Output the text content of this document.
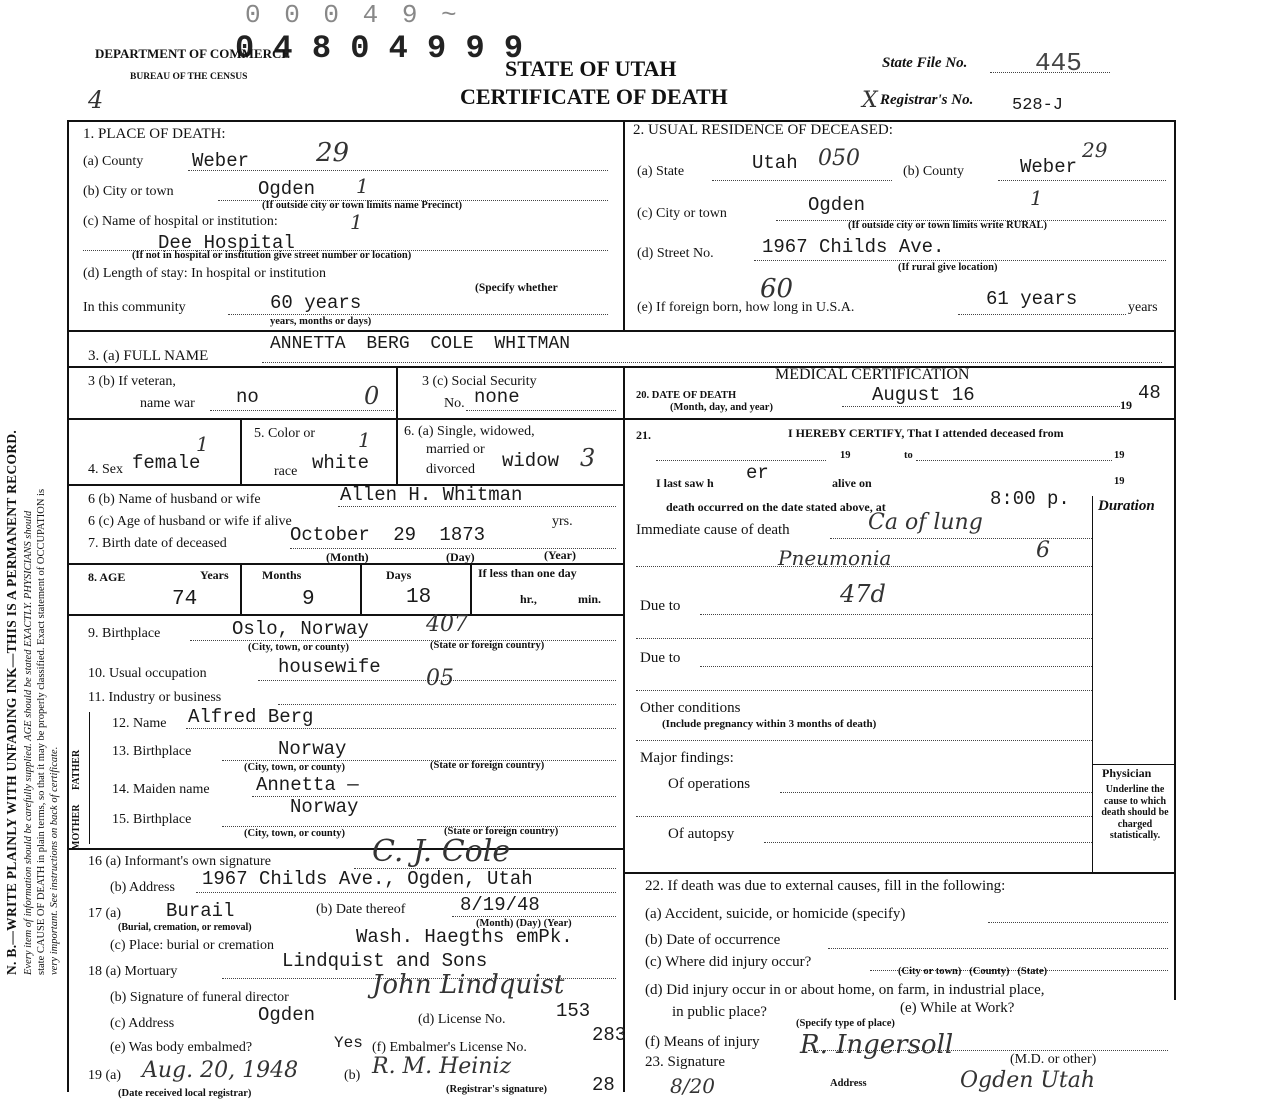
0 0 0 4 9 ~
0 4 8 0 4 9 9 9
DEPARTMENT OF COMMERCE
BUREAU OF THE CENSUS	STATE OF UTAH
CERTIFICATE OF DEATH
State File No.	445
X Registrar's No. 528-J
4
N. B.—WRITE PLAINLY WITH UNFADING INK—THIS IS A PERMANENT RECORD. Every item of information should be carefully supplied. AGE should be stated EXACTLY. PHYSICIANS should state CAUSE OF DEATH in plain terms, so that it may be properly classified. Exact statement of OCCUPATION is very important. See instructions on back of certificate.
1. PLACE OF DEATH:
(a) County	Weber	29
(b) City or town	Ogden 1
(If outside city or town limits name Precinct)
(c) Name of hospital or institution:	1
Dee Hospital
(If not in hospital or institution give street number or location)
(d) Length of stay: In hospital or institution
(Specify whether
In this community	60 years
years, months or days)
2. USUAL RESIDENCE OF DECEASED:
(a) State	Utah 050
(b) County	Weber
29
(c) City or town	Ogden	1
(If outside city or town limits write RURAL)
(d) Street No.	1967 Childs Ave.
(If rural give location)
60
(e) If foreign born, how long in U.S.A.	61 years	years
3. (a) FULL NAME
ANNETTA BERG COLE WHITMAN
3 (b) If veteran,
name war no	0
3 (c) Social Security
No. none
4. Sex female
1	5. Color or
race white
1 6. (a) Single, widowed,
married or
divorced widow 3
6 (b) Name of husband or wife	Allen H. Whitman
6 (c) Age of husband or wife if alive	yrs.
7. Birth date of deceased	October 29 1873
(Month)	(Day)	(Year)
8. AGE	Years	Months	Days	If less than one day
74	9	18	hr.,	min.
9. Birthplace	Oslo, Norway	407
(City, town, or county)	(State or foreign country)
10. Usual occupation	housewife 05
11. Industry or business
MOTHER
FATHER
12. Name Alfred Berg
13. Birthplace	Norway
(City, town, or county)	(State or foreign country)
14. Maiden name Annetta —
Norway
15. Birthplace
(City, town, or county)	(State or foreign country)
16 (a) Informant's own signature	C. J. Cole
(b) Address 1967 Childs Ave., Ogden, Utah
17 (a) Burail
(Burial, cremation, or removal)
(b) Date thereof	8/19/48
(Month) (Day) (Year)
(c) Place: burial or cremation	Wash. Haegths emPk.
18 (a) Mortuary	Lindquist and Sons
(b) Signature of funeral director	John Lindquist
(c) Address	Ogden	(d) License No.	153
(e) Was body embalmed?	Yes (f) Embalmer's License No.
283
19 (a) Aug. 20, 1948
(Date received local registrar)
(b) R. M. Heiniz
(Registrar's signature) 28
MEDICAL CERTIFICATION
20. DATE OF DEATH
(Month, day, and year)
August 16	19
48
21.	I HEREBY CERTIFY, That I attended deceased from
19	to	19
I last saw h er	alive on	19
death occurred on the date stated above, at	8:00 p. Duration
Immediate cause of death	Ca of lung
Pneumonia	6
Due to	47d
Due to
Other conditions
(Include pregnancy within 3 months of death)
Major findings:
Of operations
Of autopsy
Physician
Underline the cause to which death should be charged statistically.
22. If death was due to external causes, fill in the following:
(a) Accident, suicide, or homicide (specify)
(b) Date of occurrence
(c) Where did injury occur?
(City or town)   (County)   (State)
(d) Did injury occur in or about home, on farm, in industrial place,
in public place?	(e) While at Work?
(Specify type of place)
(f) Means of injury
23. Signature
R. Ingersoll	(M.D. or other)
8/20	Address	Ogden Utah
